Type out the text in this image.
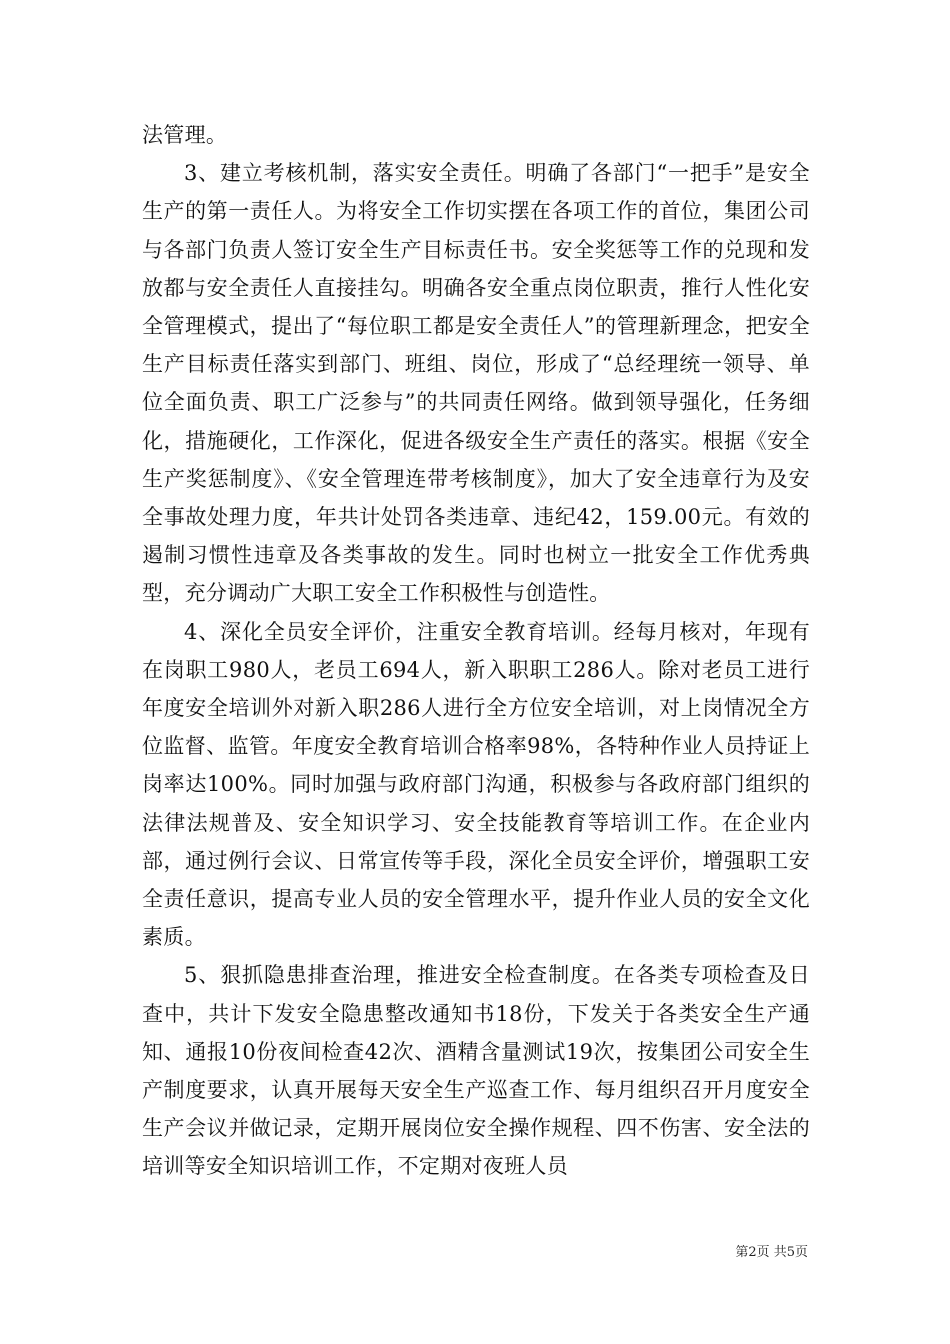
法管理。

3、建立考核机制，落实安全责任。明确了各部门“一把手”是安全生产的第一责任人。为将安全工作切实摆在各项工作的首位，集团公司与各部门负责人签订安全生产目标责任书。安全奖惩等工作的兑现和发放都与安全责任人直接挂勾。明确各安全重点岗位职责，推行人性化安全管理模式，提出了“每位职工都是安全责任人”的管理新理念，把安全生产目标责任落实到部门、班组、岗位，形成了“总经理统一领导、单位全面负责、职工广泛参与”的共同责任网络。做到领导强化，任务细化，措施硬化，工作深化，促进各级安全生产责任的落实。根据《安全生产奖惩制度》、《安全管理连带考核制度》，加大了安全违章行为及安全事故处理力度，年共计处罚各类违章、违纪42，159.00元。有效的遏制习惯性违章及各类事故的发生。同时也树立一批安全工作优秀典型，充分调动广大职工安全工作积极性与创造性。

4、深化全员安全评价，注重安全教育培训。经每月核对，年现有在岗职工980人，老员工694人，新入职职工286人。除对老员工进行年度安全培训外对新入职286人进行全方位安全培训，对上岗情况全方位监督、监管。年度安全教育培训合格率98%，各特种作业人员持证上岗率达100%。同时加强与政府部门沟通，积极参与各政府部门组织的法律法规普及、安全知识学习、安全技能教育等培训工作。在企业内部，通过例行会议、日常宣传等手段，深化全员安全评价，增强职工安全责任意识，提高专业人员的安全管理水平，提升作业人员的安全文化素质。

5、狠抓隐患排查治理，推进安全检查制度。在各类专项检查及日查中，共计下发安全隐患整改通知书18份，下发关于各类安全生产通知、通报10份夜间检查42次、酒精含量测试19次，按集团公司安全生产制度要求，认真开展每天安全生产巡查工作、每月组织召开月度安全生产会议并做记录，定期开展岗位安全操作规程、四不伤害、安全法的培训等安全知识培训工作，不定期对夜班人员

第2页 共5页
